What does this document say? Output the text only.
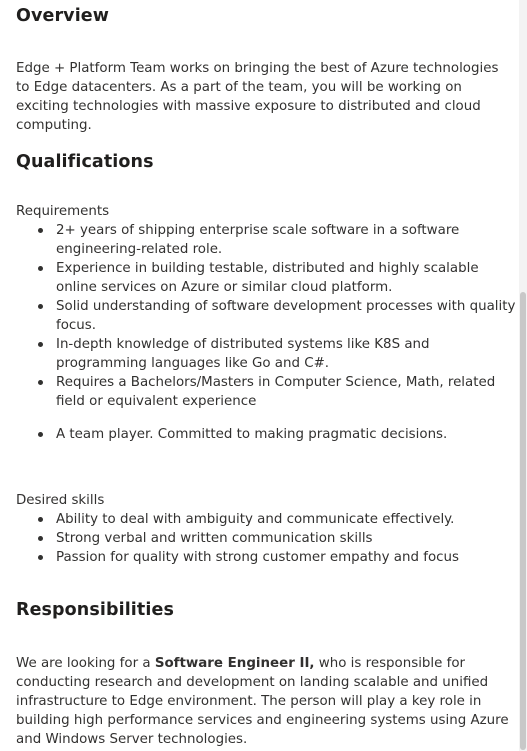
Overview

Edge + Platform Team works on bringing the best of Azure technologies to Edge datacenters. As a part of the team, you will be working on exciting technologies with massive exposure to distributed and cloud computing.

Qualifications
Requirements
2+ years of shipping enterprise scale software in a software engineering-related role.
Experience in building testable, distributed and highly scalable online services on Azure or similar cloud platform.
Solid understanding of software development processes with quality focus.
In-depth knowledge of distributed systems like K8S and programming languages like Go and C#.
Requires a Bachelors/Masters in Computer Science, Math, related field or equivalent experience
A team player. Committed to making pragmatic decisions.
Desired skills
Ability to deal with ambiguity and communicate effectively.
Strong verbal and written communication skills
Passion for quality with strong customer empathy and focus
Responsibilities

We are looking for a Software Engineer II, who is responsible for conducting research and development on landing scalable and unified infrastructure to Edge environment. The person will play a key role in building high performance services and engineering systems using Azure and Windows Server technologies.
